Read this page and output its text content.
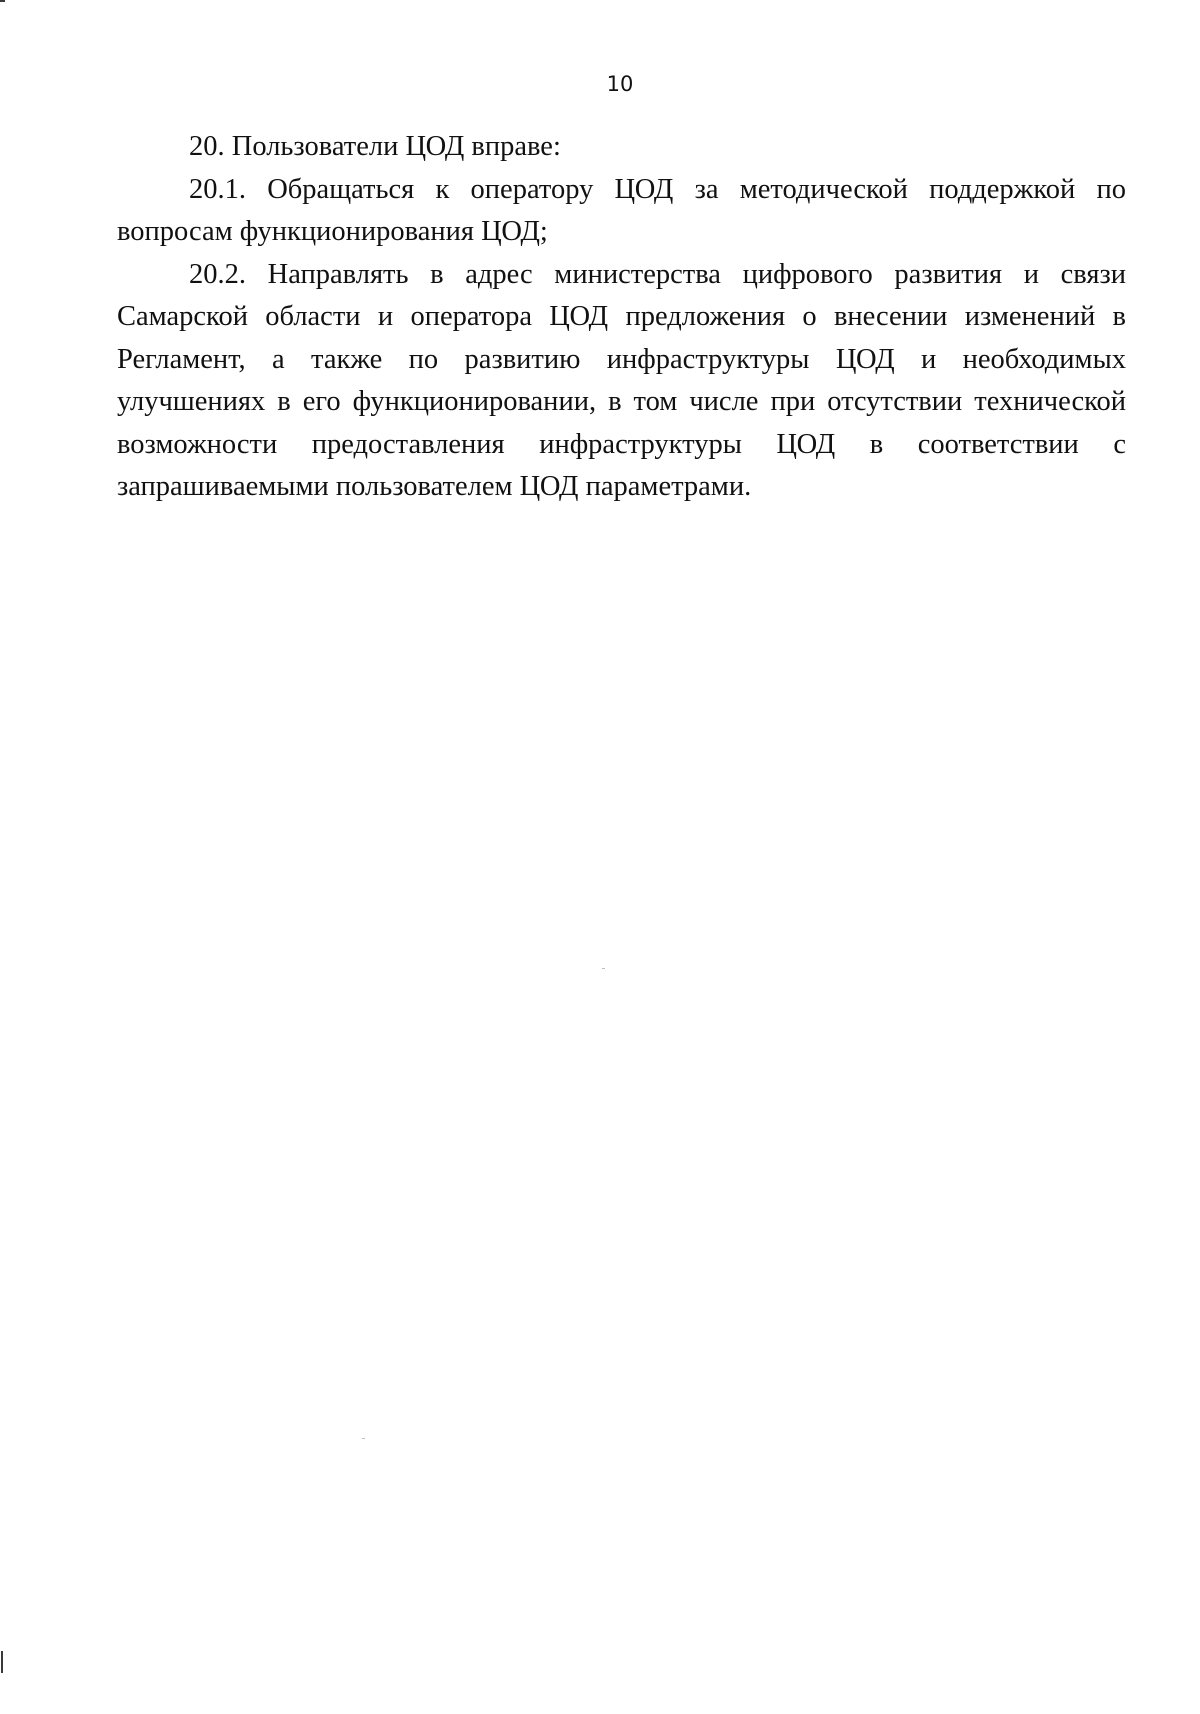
10

20. Пользователи ЦОД вправе:

20.1. Обращаться к оператору ЦОД за методической поддержкой по вопросам функционирования ЦОД;

20.2. Направлять в адрес министерства цифрового развития и связи Самарской области и оператора ЦОД предложения о внесении изменений в Регламент, а также по развитию инфраструктуры ЦОД и необходимых улучшениях в его функционировании, в том числе при отсутствии технической возможности предоставления инфраструктуры ЦОД в соответствии с запрашиваемыми пользователем ЦОД параметрами.
